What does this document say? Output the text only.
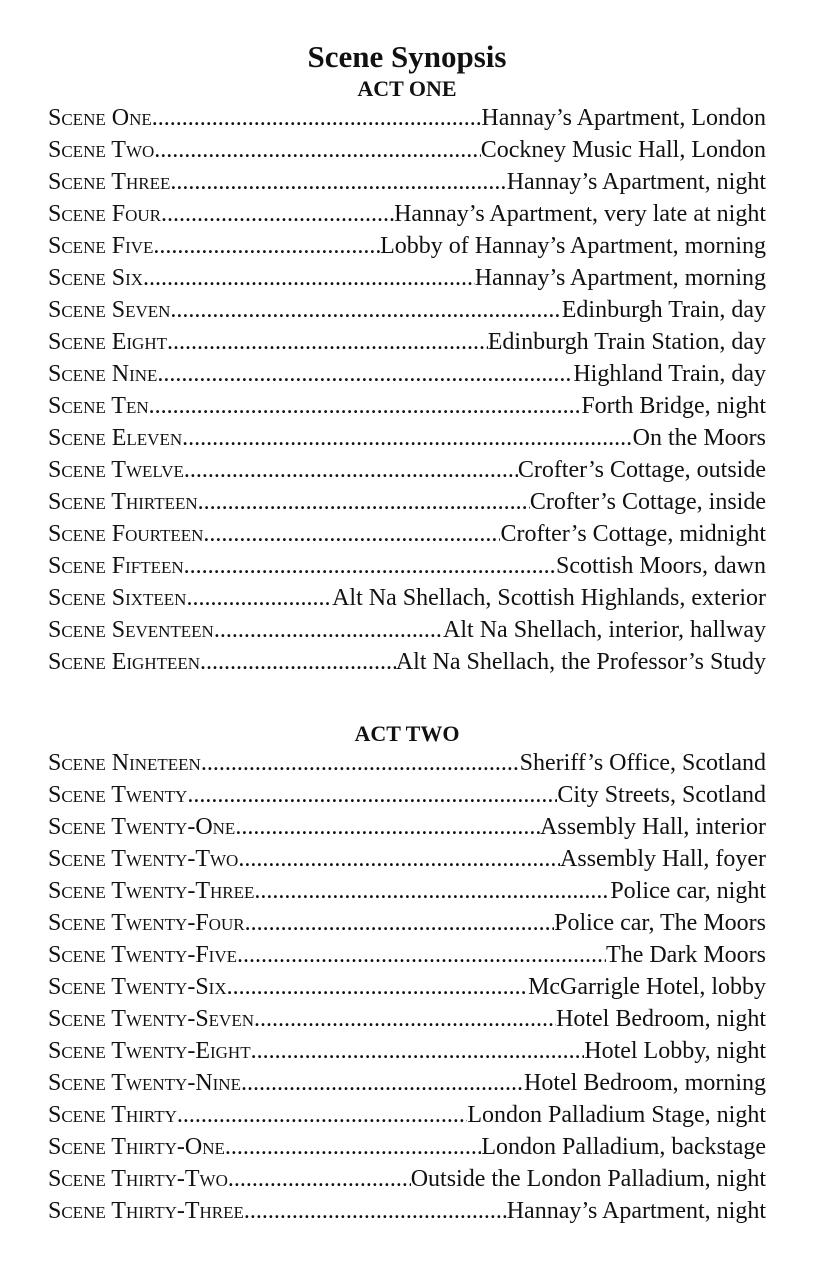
Scene Synopsis
ACT ONE
Scene One .....	Hannay’s Apartment, London
Scene Two .....	Cockney Music Hall, London
Scene Three .....	Hannay’s Apartment, night
Scene Four .....	Hannay’s Apartment, very late at night
Scene Five .....	Lobby of Hannay’s Apartment, morning
Scene Six .....	Hannay’s Apartment, morning
Scene Seven .....	Edinburgh Train, day
Scene Eight .....	Edinburgh Train Station, day
Scene Nine .....	Highland Train, day
Scene Ten .....	Forth Bridge, night
Scene Eleven .....	On the Moors
Scene Twelve .....	Crofter’s Cottage, outside
Scene Thirteen .....	Crofter’s Cottage, inside
Scene Fourteen .....	Crofter’s Cottage, midnight
Scene Fifteen .....	Scottish Moors, dawn
Scene Sixteen .....	Alt Na Shellach, Scottish Highlands, exterior
Scene Seventeen .....	Alt Na Shellach, interior, hallway
Scene Eighteen .....	Alt Na Shellach, the Professor’s Study
ACT TWO
Scene Nineteen .....	Sheriff’s Office, Scotland
Scene Twenty .....	City Streets, Scotland
Scene Twenty-One .....	Assembly Hall, interior
Scene Twenty-Two .....	Assembly Hall, foyer
Scene Twenty-Three .....	Police car, night
Scene Twenty-Four .....	Police car, The Moors
Scene Twenty-Five .....	The Dark Moors
Scene Twenty-Six .....	McGarrigle Hotel, lobby
Scene Twenty-Seven .....	Hotel Bedroom, night
Scene Twenty-Eight .....	Hotel Lobby, night
Scene Twenty-Nine .....	Hotel Bedroom, morning
Scene Thirty .....	London Palladium Stage, night
Scene Thirty-One .....	London Palladium, backstage
Scene Thirty-Two .....	Outside the London Palladium, night
Scene Thirty-Three .....	Hannay’s Apartment, night
